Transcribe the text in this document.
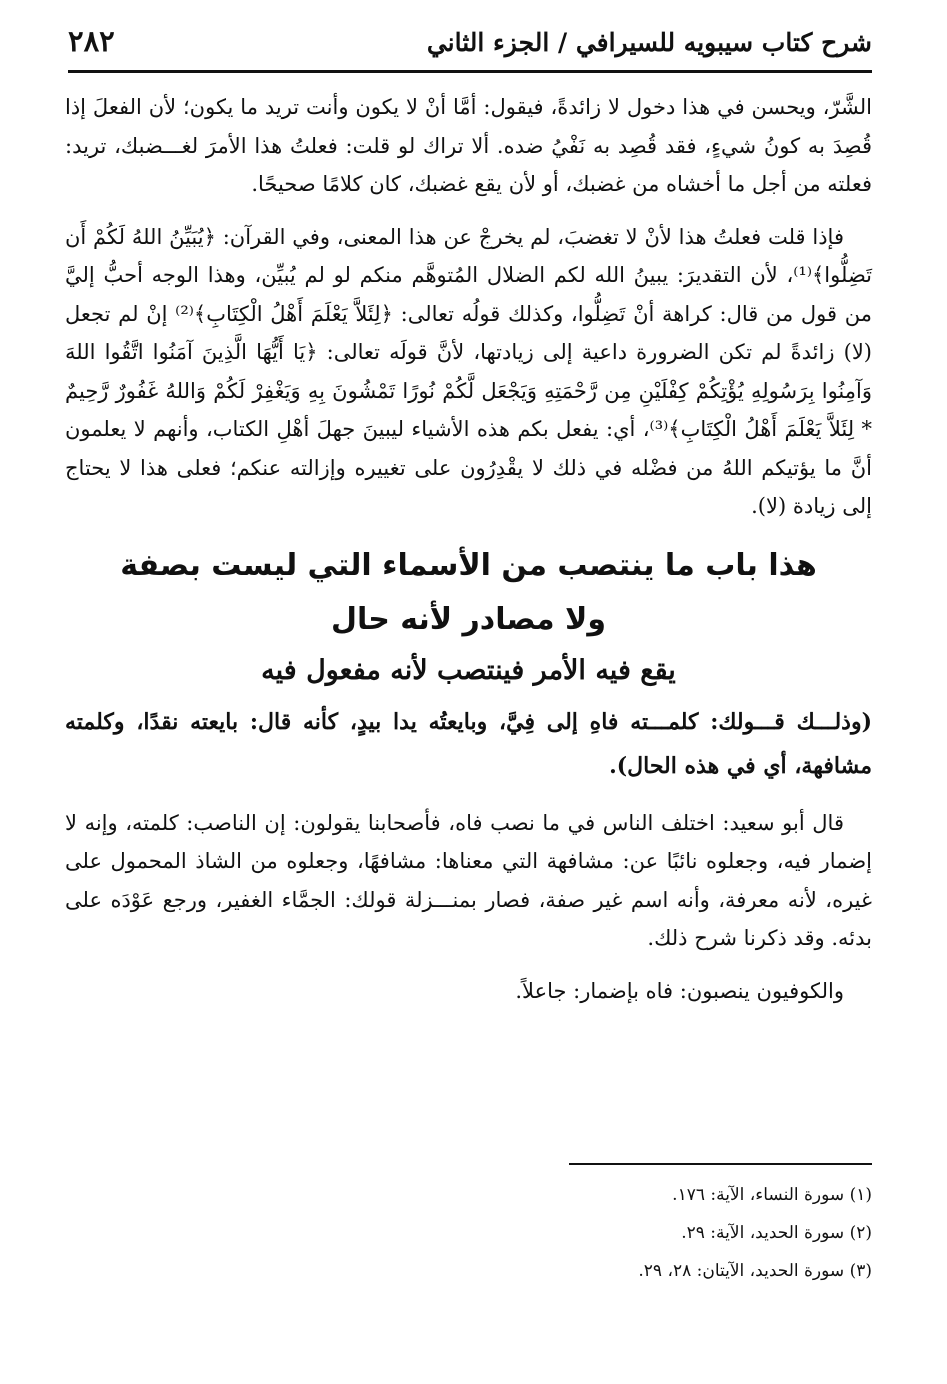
شرح كتاب سيبويه للسيرافي / الجزء الثاني
٢٨٢

الشَّرّ، ويحسن في هذا دخول لا زائدةً، فيقول: أمَّا أنْ لا يكون وأنت تريد ما يكون؛ لأن الفعلَ إذا قُصِدَ به كونُ شيءٍ، فقد قُصِد به نَفْيُ ضده. ألا تراك لو قلت: فعلتُ هذا الأمرَ لغـــضبك، تريد: فعلته من أجل ما أخشاه من غضبك، أو لأن يقع غضبك، كان كلامًا صحيحًا.

فإذا قلت فعلتُ هذا لأنْ لا تغضبَ، لم يخرجْ عن هذا المعنى، وفي القرآن: ﴿يُبَيِّنُ اللهُ لَكُمْ أَن تَضِلُّوا﴾⁽¹⁾، لأن التقديرَ: يبينُ الله لكم الضلال المُتوهَّم منكم لو لم يُبيِّن، وهذا الوجه أحبُّ إليَّ من قول من قال: كراهة أنْ تَضِلُّوا، وكذلك قولُه تعالى: ﴿لِئَلاَّ يَعْلَمَ أَهْلُ الْكِتَابِ﴾⁽²⁾ إنْ لم تجعل (لا) زائدةً لم تكن الضرورة داعية إلى زيادتها، لأنَّ قولَه تعالى: ﴿يَا أَيُّهَا الَّذِينَ آمَنُوا اتَّقُوا اللهَ وَآمِنُوا بِرَسُولِهِ يُؤْتِكُمْ كِفْلَيْنِ مِن رَّحْمَتِهِ وَيَجْعَل لَّكُمْ نُورًا تَمْشُونَ بِهِ وَيَغْفِرْ لَكُمْ وَاللهُ غَفُورٌ رَّحِيمٌ * لِئَلاَّ يَعْلَمَ أَهْلُ الْكِتَابِ﴾⁽³⁾، أي: يفعل بكم هذه الأشياء ليبينَ جهلَ أهْلِ الكتاب، وأنهم لا يعلمون أنَّ ما يؤتيكم اللهُ من فضْله في ذلك لا يقْدِرُون على تغييره وإزالته عنكم؛ فعلى هذا لا يحتاج إلى زيادة (لا).

هذا باب ما ينتصب من الأسماء التي ليست بصفة
ولا مصادر لأنه حال
يقع فيه الأمر فينتصب لأنه مفعول فيه

(وذلـــك قـــولك: كلمـــته فاهِ إلى فِيَّ، وبايعتُه يدا بيدٍ، كأنه قال: بايعته نقدًا، وكلمته مشافهة، أي في هذه الحال).

قال أبو سعيد: اختلف الناس في ما نصب فاه، فأصحابنا يقولون: إن الناصب: كلمته، وإنه لا إضمار فيه، وجعلوه نائبًا عن: مشافهة التي معناها: مشافهًا، وجعلوه من الشاذ المحمول على غيره، لأنه معرفة، وأنه اسم غير صفة، فصار بمنـــزلة قولك: الجمَّاء الغفير، ورجع عَوْدَه على بدئه. وقد ذكرنا شرح ذلك.

والكوفيون ينصبون: فاه بإضمار: جاعلاً.

(١) سورة النساء، الآية: ١٧٦.

(٢) سورة الحديد، الآية: ٢٩.

(٣) سورة الحديد، الآيتان: ٢٨، ٢٩.
